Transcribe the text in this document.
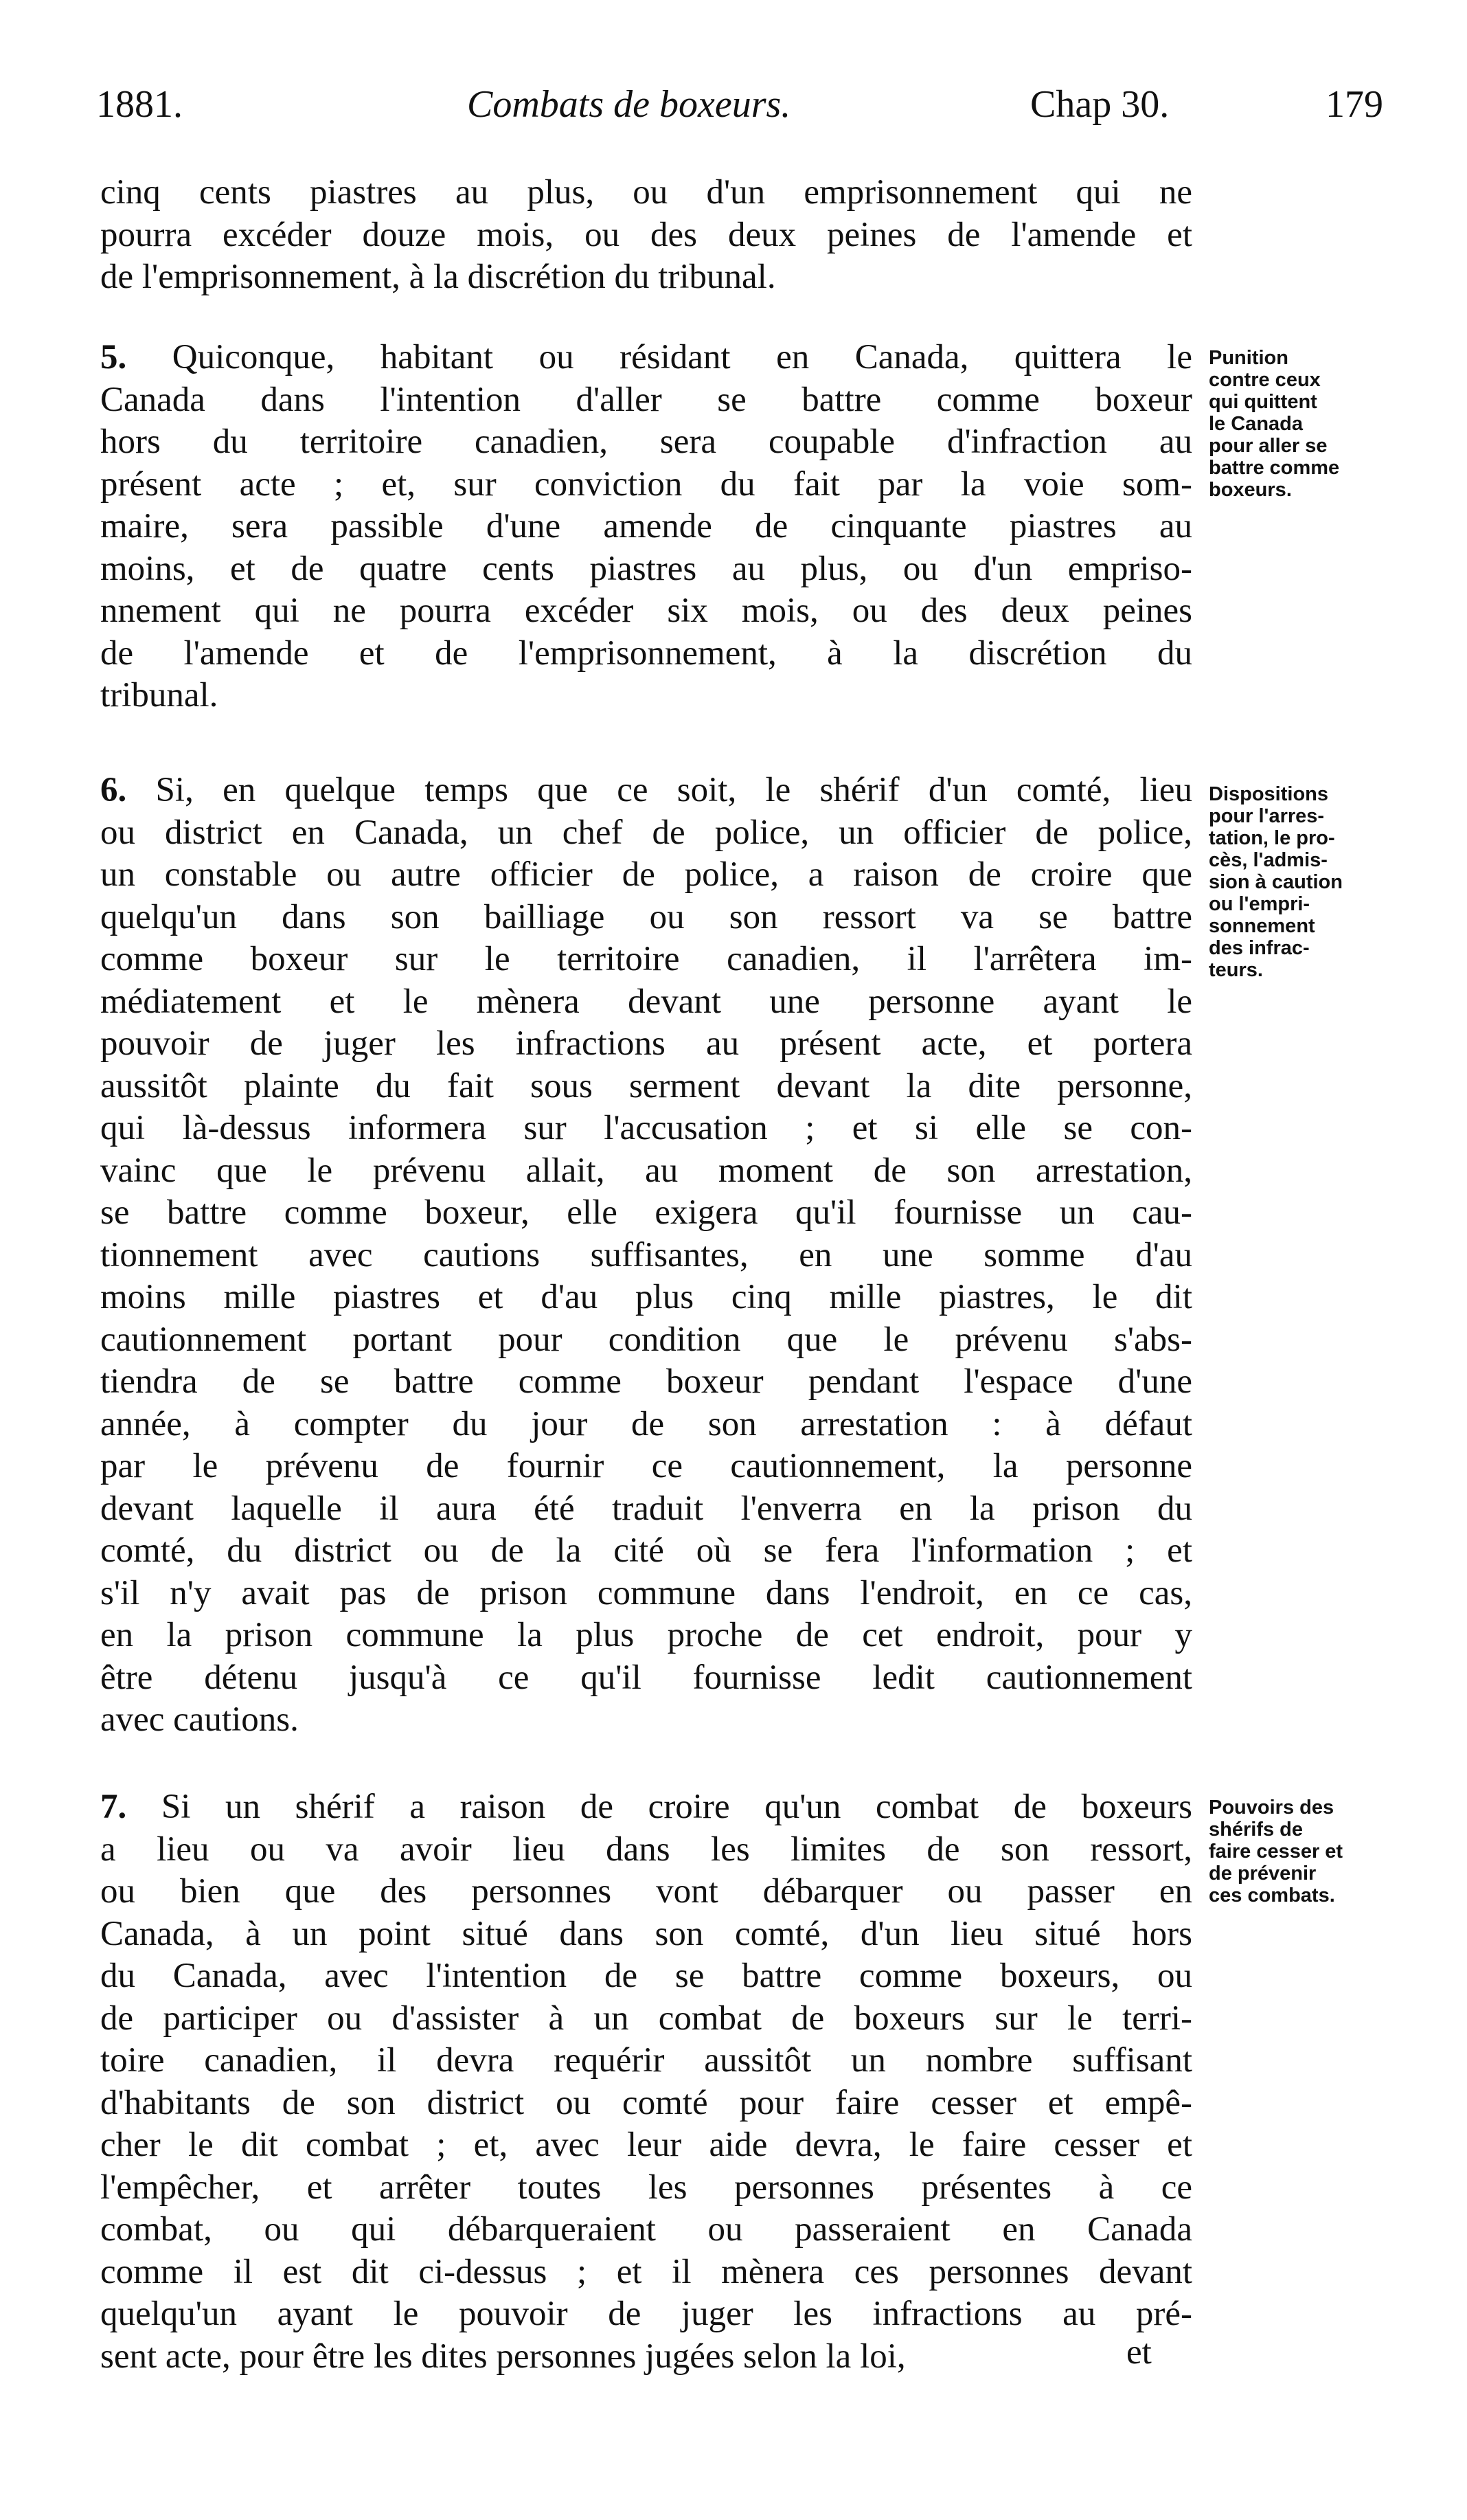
1881.	Combats de boxeurs.	Chap 30.	179
cinq cents piastres au plus, ou d'un emprisonnement qui ne
pourra excéder douze mois, ou des deux peines de l'amende et
de l'emprisonnement, à la discrétion du tribunal.
5. Quiconque, habitant ou résidant en Canada, quittera le
Canada dans l'intention d'aller se battre comme boxeur
hors du territoire canadien, sera coupable d'infraction au
présent acte ; et, sur conviction du fait par la voie som-
maire, sera passible d'une amende de cinquante piastres au
moins, et de quatre cents piastres au plus, ou d'un empriso-
nnement qui ne pourra excéder six mois, ou des deux peines
de l'amende et de l'emprisonnement, à la discrétion du
tribunal.
6. Si, en quelque temps que ce soit, le shérif d'un comté, lieu
ou district en Canada, un chef de police, un officier de police,
un constable ou autre officier de police, a raison de croire que
quelqu'un dans son bailliage ou son ressort va se battre
comme boxeur sur le territoire canadien, il l'arrêtera im-
médiatement et le mènera devant une personne ayant le
pouvoir de juger les infractions au présent acte, et portera
aussitôt plainte du fait sous serment devant la dite personne,
qui là-dessus informera sur l'accusation ; et si elle se con-
vainc que le prévenu allait, au moment de son arrestation,
se battre comme boxeur, elle exigera qu'il fournisse un cau-
tionnement avec cautions suffisantes, en une somme d'au
moins mille piastres et d'au plus cinq mille piastres, le dit
cautionnement portant pour condition que le prévenu s'abs-
tiendra de se battre comme boxeur pendant l'espace d'une
année, à compter du jour de son arrestation : à défaut
par le prévenu de fournir ce cautionnement, la personne
devant laquelle il aura été traduit l'enverra en la prison du
comté, du district ou de la cité où se fera l'information ; et
s'il n'y avait pas de prison commune dans l'endroit, en ce cas,
en la prison commune la plus proche de cet endroit, pour y
être détenu jusqu'à ce qu'il fournisse ledit cautionnement
avec cautions.
7. Si un shérif a raison de croire qu'un combat de boxeurs
a lieu ou va avoir lieu dans les limites de son ressort,
ou bien que des personnes vont débarquer ou passer en
Canada, à un point situé dans son comté, d'un lieu situé hors
du Canada, avec l'intention de se battre comme boxeurs, ou
de participer ou d'assister à un combat de boxeurs sur le terri-
toire canadien, il devra requérir aussitôt un nombre suffisant
d'habitants de son district ou comté pour faire cesser et empê-
cher le dit combat ; et, avec leur aide devra, le faire cesser et
l'empêcher, et arrêter toutes les personnes présentes à ce
combat, ou qui débarqueraient ou passeraient en Canada
comme il est dit ci-dessus ; et il mènera ces personnes devant
quelqu'un ayant le pouvoir de juger les infractions au pré-
sent acte, pour être les dites personnes jugées selon la loi,	et
Punition
contre ceux
qui quittent
le Canada
pour aller se
battre comme
boxeurs.
Dispositions
pour l'arres-
tation, le pro-
cès, l'admis-
sion à caution
ou l'empri-
sonnement
des infrac-
teurs.
Pouvoirs des
shérifs de
faire cesser et
de prévenir
ces combats.
